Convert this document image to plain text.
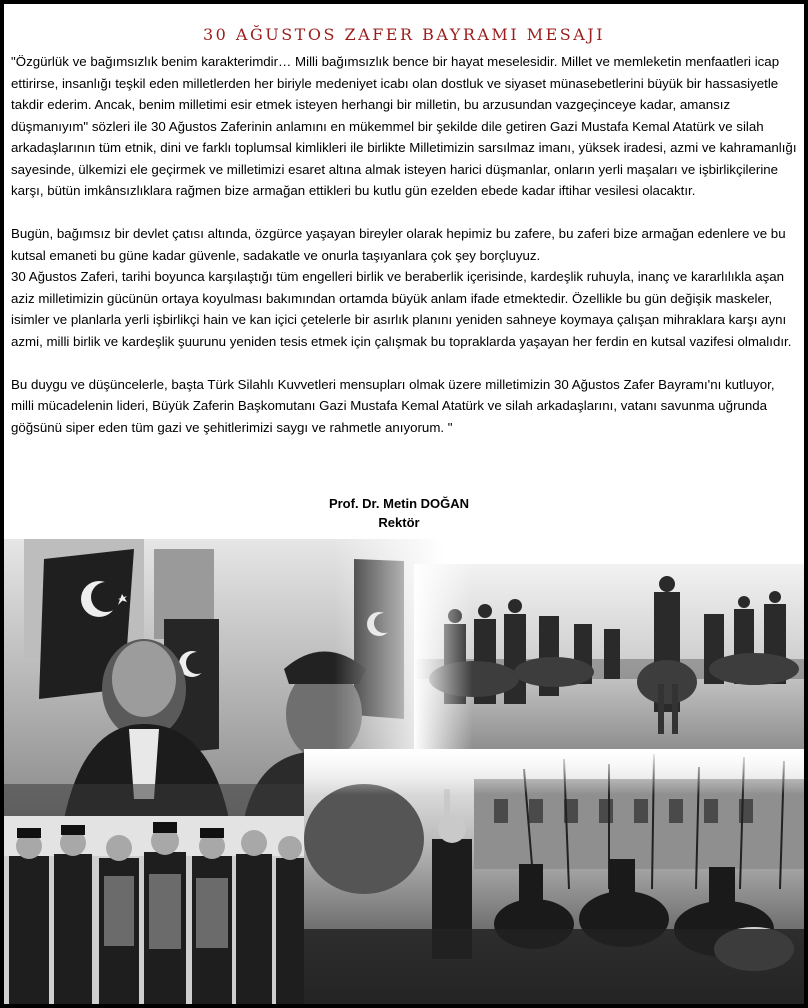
30 AĞUSTOS ZAFER BAYRAMI MESAJI

"Özgürlük ve bağımsızlık benim karakterimdir… Milli bağımsızlık bence bir hayat meselesidir. Millet ve memleketin menfaatleri icap ettirirse, insanlığı teşkil eden milletlerden her biriyle medeniyet icabı olan dostluk ve siyaset münasebetlerini büyük bir hassasiyetle takdir ederim. Ancak, benim milletimi esir etmek isteyen herhangi bir milletin, bu arzusundan vazgeçinceye kadar, amansız düşmanıyım" sözleri ile 30 Ağustos Zaferinin anlamını en mükemmel bir şekilde dile getiren Gazi Mustafa Kemal Atatürk ve silah arkadaşlarının tüm etnik, dini ve farklı toplumsal kimlikleri ile birlikte Milletimizin sarsılmaz imanı, yüksek iradesi, azmi ve kahramanlığı sayesinde, ülkemizi ele geçirmek ve milletimizi esaret altına almak isteyen harici düşmanlar, onların yerli maşaları ve işbirlikçilerine karşı, bütün imkânsızlıklara rağmen bize armağan ettikleri bu kutlu gün ezelden ebede kadar iftihar vesilesi olacaktır.

Bugün, bağımsız bir devlet çatısı altında, özgürce yaşayan bireyler olarak hepimiz bu zafere, bu zaferi bize armağan edenlere ve bu kutsal emaneti bu güne kadar güvenle, sadakatle ve onurla taşıyanlara çok şey borçluyuz.

30 Ağustos Zaferi, tarihi boyunca karşılaştığı tüm engelleri birlik ve beraberlik içerisinde, kardeşlik ruhuyla, inanç ve kararlılıkla aşan aziz milletimizin gücünün ortaya koyulması bakımından ortamda büyük anlam ifade etmektedir. Özellikle bu gün değişik maskeler, isimler ve planlarla yerli işbirlikçi hain ve kan içici çetelerle bir asırlık planını yeniden sahneye koymaya çalışan mihraklara karşı aynı azmi, milli birlik ve kardeşlik şuurunu yeniden tesis etmek için çalışmak bu topraklarda yaşayan her ferdin en kutsal vazifesi olmalıdır.

Bu duygu ve düşüncelerle, başta Türk Silahlı Kuvvetleri mensupları olmak üzere milletimizin 30 Ağustos Zafer Bayramı'nı kutluyor, milli mücadelenin lideri, Büyük Zaferin Başkomutanı Gazi Mustafa Kemal Atatürk ve silah arkadaşlarını, vatanı savunma uğrunda göğsünü siper eden tüm gazi ve şehitlerimizi saygı ve rahmetle anıyorum. "

Prof. Dr. Metin DOĞAN
Rektör
